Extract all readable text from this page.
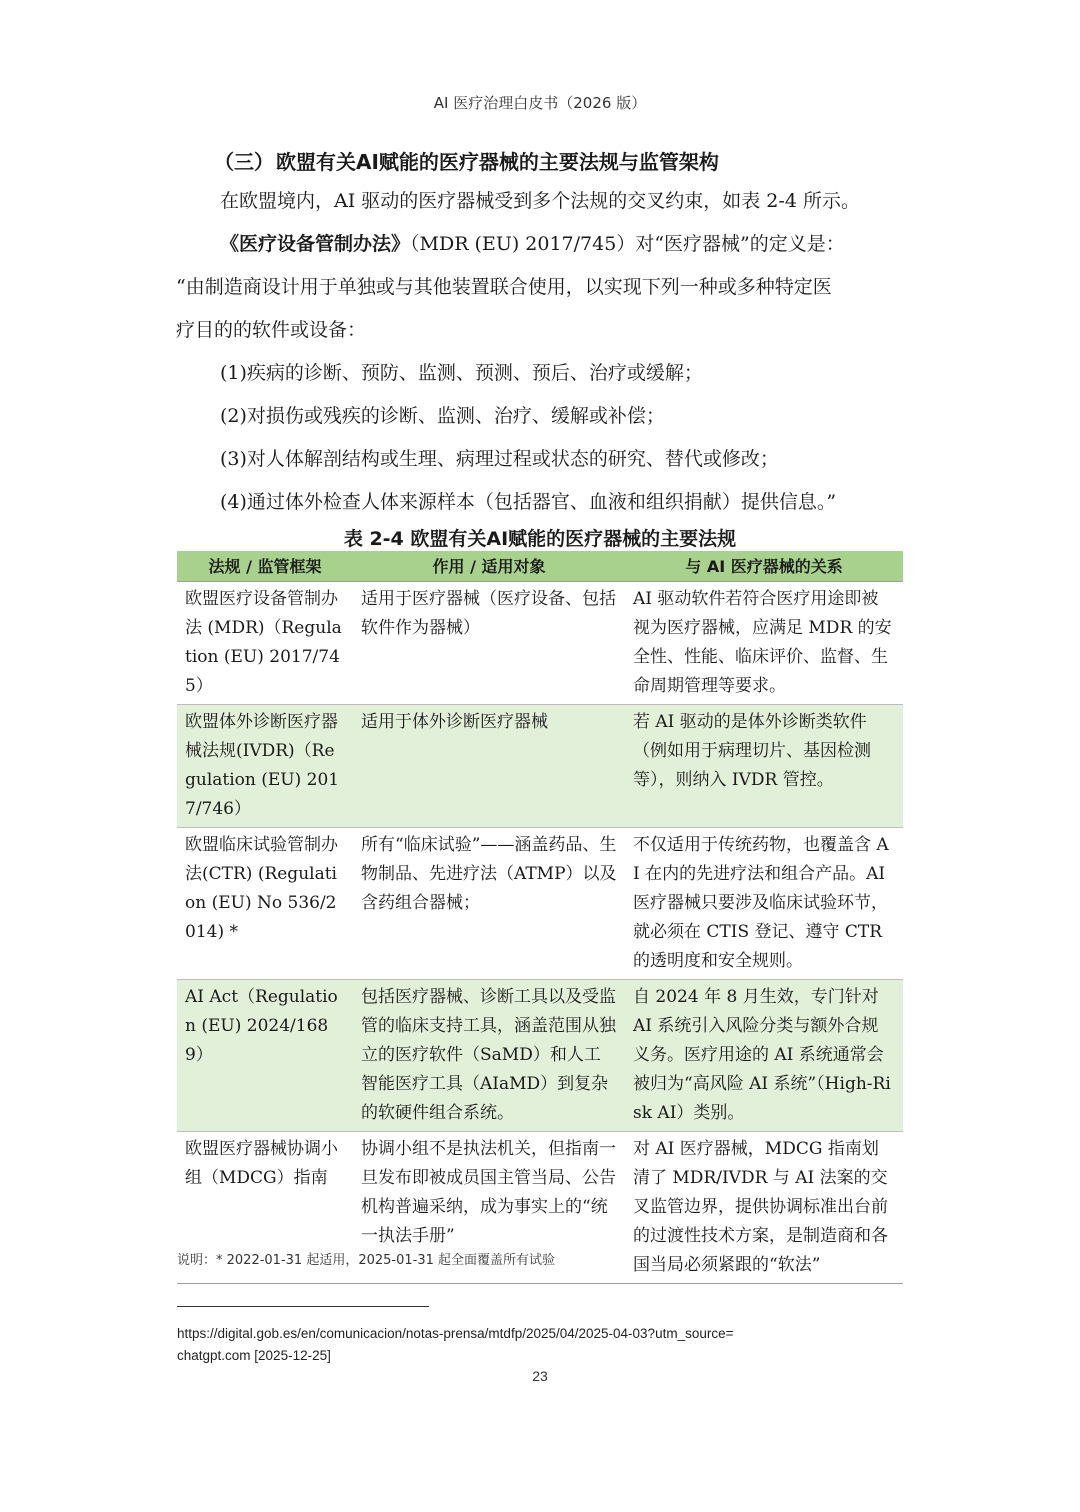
AI 医疗治理白皮书（2026 版）
（三） 欧盟有关AI赋能的医疗器械的主要法规与监管架构
在欧盟境内，AI 驱动的医疗器械受到多个法规的交叉约束，如表 2-4 所示。
《医疗设备管制办法》（MDR (EU) 2017/745）对“医疗器械”的定义是：
“由制造商设计用于单独或与其他装置联合使用，以实现下列一种或多种特定医
疗目的的软件或设备：
(1)疾病的诊断、预防、监测、预测、预后、治疗或缓解；
(2)对损伤或残疾的诊断、监测、治疗、缓解或补偿；
(3)对人体解剖结构或生理、病理过程或状态的研究、替代或修改；
(4)通过体外检查人体来源样本（包括器官、血液和组织捐献）提供信息。”
表 2-4 欧盟有关AI赋能的医疗器械的主要法规
法规 / 监管框架	作用 / 适用对象	与 AI 医疗器械的关系
欧盟医疗设备管制办法 (MDR)（Regulation (EU) 2017/745）	适用于医疗器械（医疗设备、包括软件作为器械）	AI 驱动软件若符合医疗用途即被视为医疗器械，应满足 MDR 的安全性、性能、临床评价、监督、生命周期管理等要求。
欧盟体外诊断医疗器械法规(IVDR)（Regulation (EU) 2017/746）	适用于体外诊断医疗器械	若 AI 驱动的是体外诊断类软件（例如用于病理切片、基因检测等），则纳入 IVDR 管控。
欧盟临床试验管制办法(CTR) (Regulation (EU) No 536/2014) *	所有“临床试验”——涵盖药品、生物制品、先进疗法（ATMP）以及含药组合器械；	不仅适用于传统药物，也覆盖含 AI 在内的先进疗法和组合产品。AI 医疗器械只要涉及临床试验环节，就必须在 CTIS 登记、遵守 CTR 的透明度和安全规则。
AI Act（Regulation (EU) 2024/1689）	包括医疗器械、诊断工具以及受监管的临床支持工具，涵盖范围从独立的医疗软件（SaMD）和人工智能医疗工具（AIaMD）到复杂的软硬件组合系统。	自 2024 年 8 月生效，专门针对 AI 系统引入风险分类与额外合规义务。医疗用途的 AI 系统通常会被归为“高风险 AI 系统”（High-Risk AI）类别。
欧盟医疗器械协调小组（MDCG）指南	协调小组不是执法机关，但指南一旦发布即被成员国主管当局、公告机构普遍采纳，成为事实上的“统一执法手册”	对 AI 医疗器械，MDCG 指南划清了 MDR/IVDR 与 AI 法案的交叉监管边界，提供协调标准出台前的过渡性技术方案，是制造商和各国当局必须紧跟的“软法”
说明：* 2022-01-31 起适用，2025-01-31 起全面覆盖所有试验
https://digital.gob.es/en/comunicacion/notas-prensa/mtdfp/2025/04/2025-04-03?utm_source=chatgpt.com [2025-12-25]
23
